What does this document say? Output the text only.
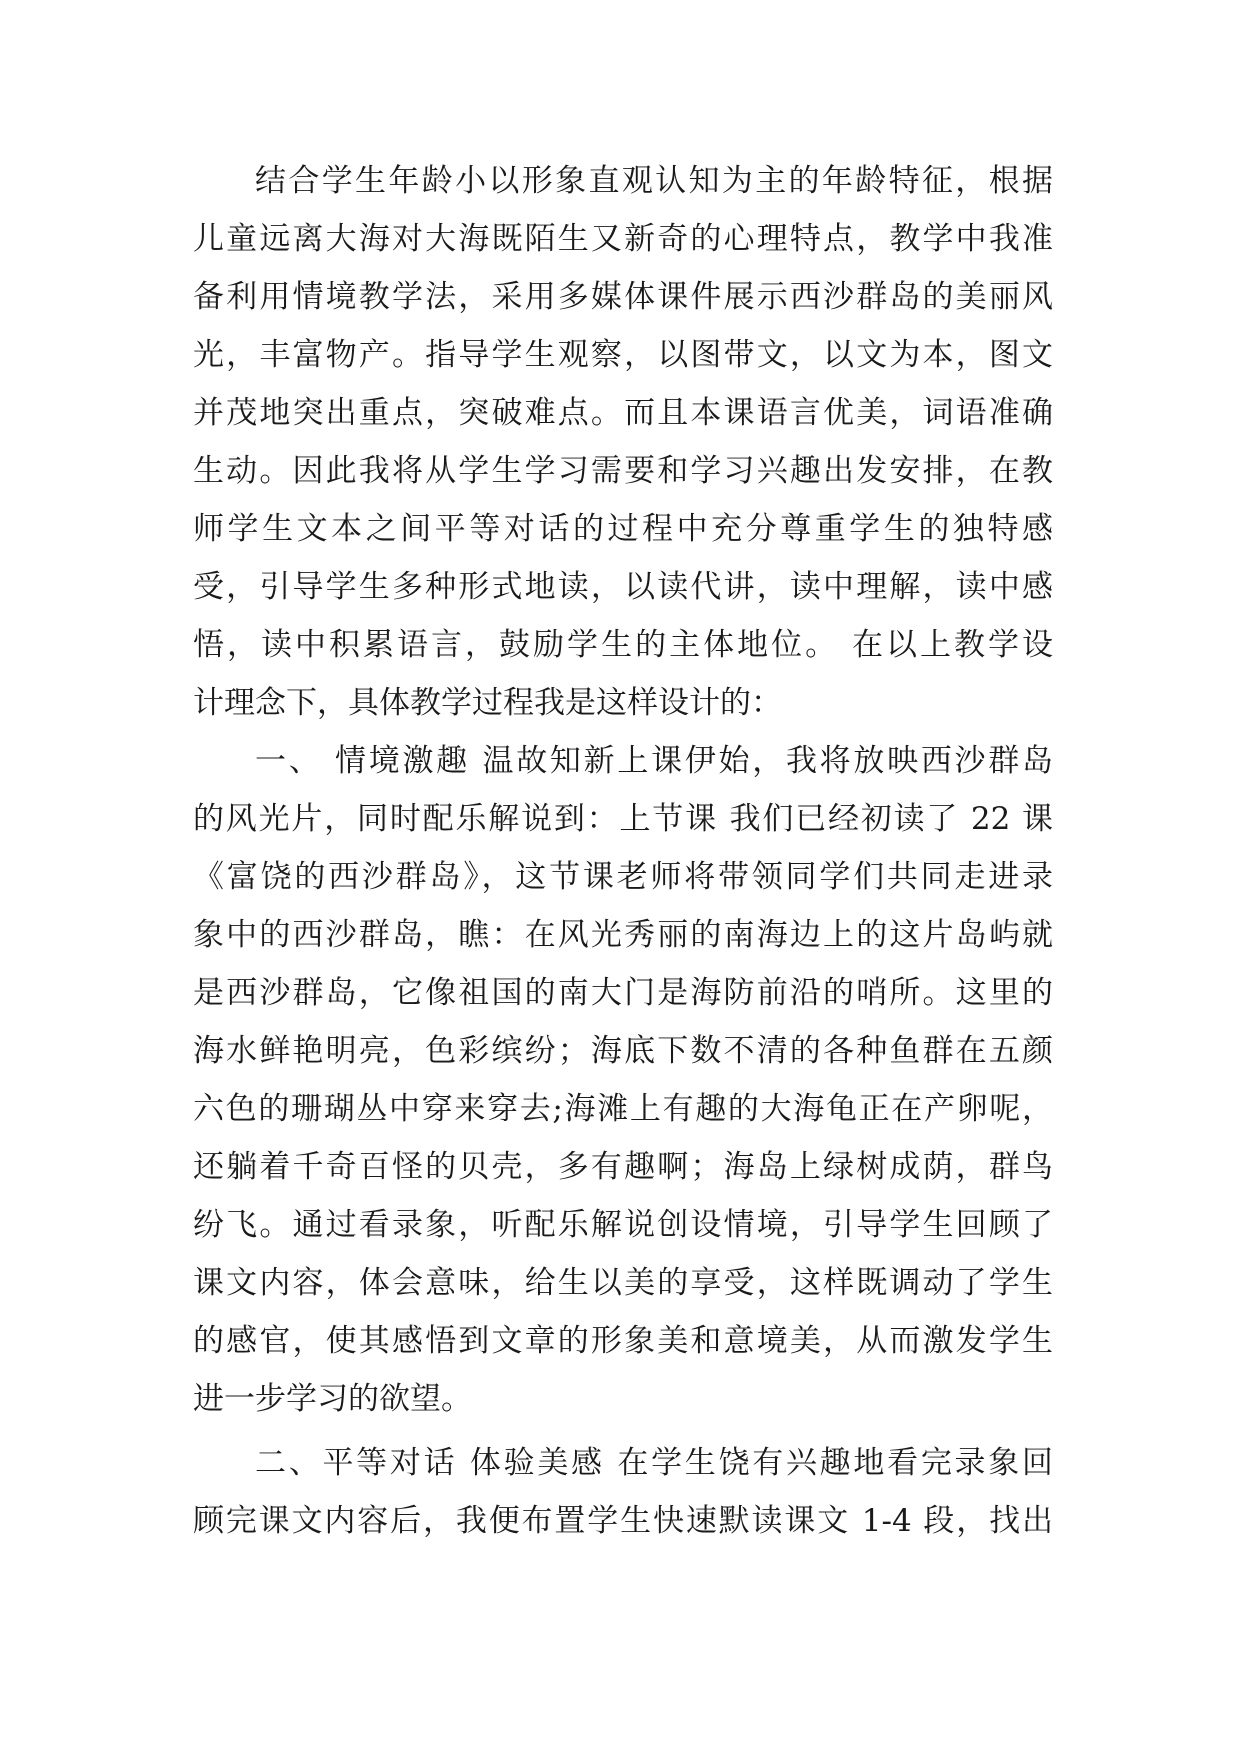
结合学生年龄小以形象直观认知为主的年龄特征，根据
儿童远离大海对大海既陌生又新奇的心理特点，教学中我准
备利用情境教学法，采用多媒体课件展示西沙群岛的美丽风
光，丰富物产。指导学生观察，以图带文，以文为本，图文
并茂地突出重点，突破难点。而且本课语言优美，词语准确
生动。因此我将从学生学习需要和学习兴趣出发安排，在教
师学生文本之间平等对话的过程中充分尊重学生的独特感
受，引导学生多种形式地读，以读代讲，读中理解，读中感
悟，读中积累语言，鼓励学生的主体地位。 在以上教学设
计理念下，具体教学过程我是这样设计的：
一、 情境激趣 温故知新上课伊始，我将放映西沙群岛
的风光片，同时配乐解说到：上节课 我们已经初读了 22 课
《富饶的西沙群岛》，这节课老师将带领同学们共同走进录
象中的西沙群岛，瞧：在风光秀丽的南海边上的这片岛屿就
是西沙群岛，它像祖国的南大门是海防前沿的哨所。这里的
海水鲜艳明亮，色彩缤纷；海底下数不清的各种鱼群在五颜
六色的珊瑚丛中穿来穿去;海滩上有趣的大海龟正在产卵呢，
还躺着千奇百怪的贝壳，多有趣啊；海岛上绿树成荫，群鸟
纷飞。通过看录象，听配乐解说创设情境，引导学生回顾了
课文内容，体会意味，给生以美的享受，这样既调动了学生
的感官，使其感悟到文章的形象美和意境美，从而激发学生
进一步学习的欲望。
二、平等对话 体验美感 在学生饶有兴趣地看完录象回
顾完课文内容后，我便布置学生快速默读课文 1-4 段，找出
